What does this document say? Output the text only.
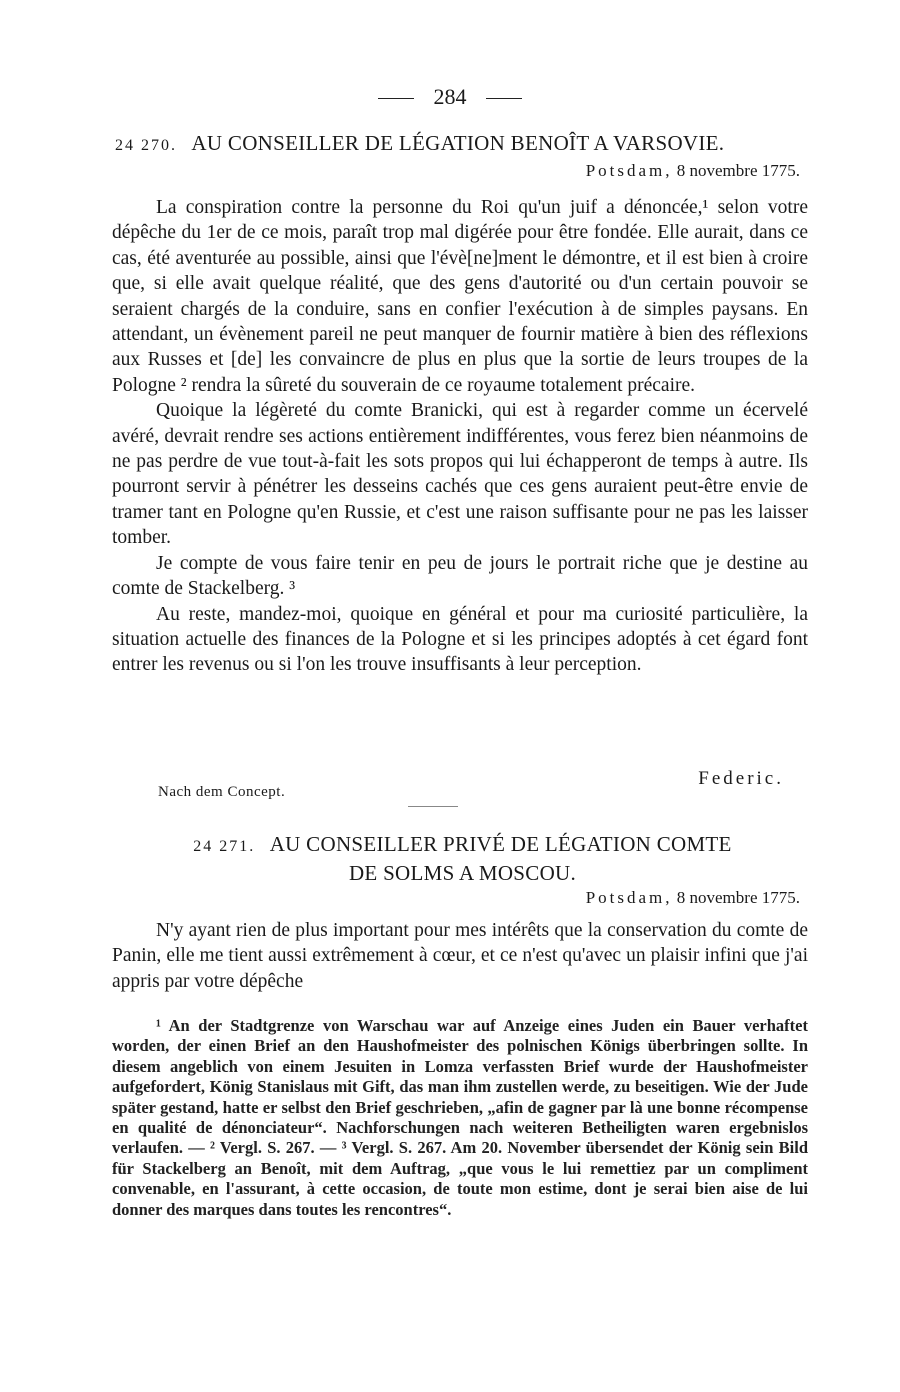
284
24 270. AU CONSEILLER DE LÉGATION BENOÎT A VARSOVIE.
Potsdam, 8 novembre 1775.

La conspiration contre la personne du Roi qu'un juif a dénoncée,¹ selon votre dépêche du 1er de ce mois, paraît trop mal digérée pour être fondée. Elle aurait, dans ce cas, été aventurée au possible, ainsi que l'évè[ne]ment le démontre, et il est bien à croire que, si elle avait quelque réalité, que des gens d'autorité ou d'un certain pouvoir se seraient chargés de la conduire, sans en confier l'exécution à de simples paysans. En attendant, un évènement pareil ne peut manquer de fournir matière à bien des réflexions aux Russes et [de] les convaincre de plus en plus que la sortie de leurs troupes de la Pologne ² rendra la sûreté du souverain de ce royaume totalement précaire.

Quoique la légèreté du comte Branicki, qui est à regarder comme un écervelé avéré, devrait rendre ses actions entièrement indifférentes, vous ferez bien néanmoins de ne pas perdre de vue tout-à-fait les sots propos qui lui échapperont de temps à autre. Ils pourront servir à pénétrer les desseins cachés que ces gens auraient peut-être envie de tramer tant en Pologne qu'en Russie, et c'est une raison suffisante pour ne pas les laisser tomber.

Je compte de vous faire tenir en peu de jours le portrait riche que je destine au comte de Stackelberg. ³

Au reste, mandez-moi, quoique en général et pour ma curiosité particulière, la situation actuelle des finances de la Pologne et si les principes adoptés à cet égard font entrer les revenus ou si l'on les trouve insuffisants à leur perception.

Federic.
Nach dem Concept.
24 271. AU CONSEILLER PRIVÉ DE LÉGATION COMTE
DE SOLMS A MOSCOU.
Potsdam, 8 novembre 1775.

N'y ayant rien de plus important pour mes intérêts que la conservation du comte de Panin, elle me tient aussi extrêmement à cœur, et ce n'est qu'avec un plaisir infini que j'ai appris par votre dépêche

¹ An der Stadtgrenze von Warschau war auf Anzeige eines Juden ein Bauer verhaftet worden, der einen Brief an den Haushofmeister des polnischen Königs überbringen sollte. In diesem angeblich von einem Jesuiten in Lomza verfassten Brief wurde der Haushofmeister aufgefordert, König Stanislaus mit Gift, das man ihm zustellen werde, zu beseitigen. Wie der Jude später gestand, hatte er selbst den Brief geschrieben, „afin de gagner par là une bonne récompense en qualité de dénonciateur“. Nachforschungen nach weiteren Betheiligten waren ergebnislos verlaufen. — ² Vergl. S. 267. — ³ Vergl. S. 267. Am 20. November übersendet der König sein Bild für Stackelberg an Benoît, mit dem Auftrag, „que vous le lui remettiez par un compliment convenable, en l'assurant, à cette occasion, de toute mon estime, dont je serai bien aise de lui donner des marques dans toutes les rencontres“.
